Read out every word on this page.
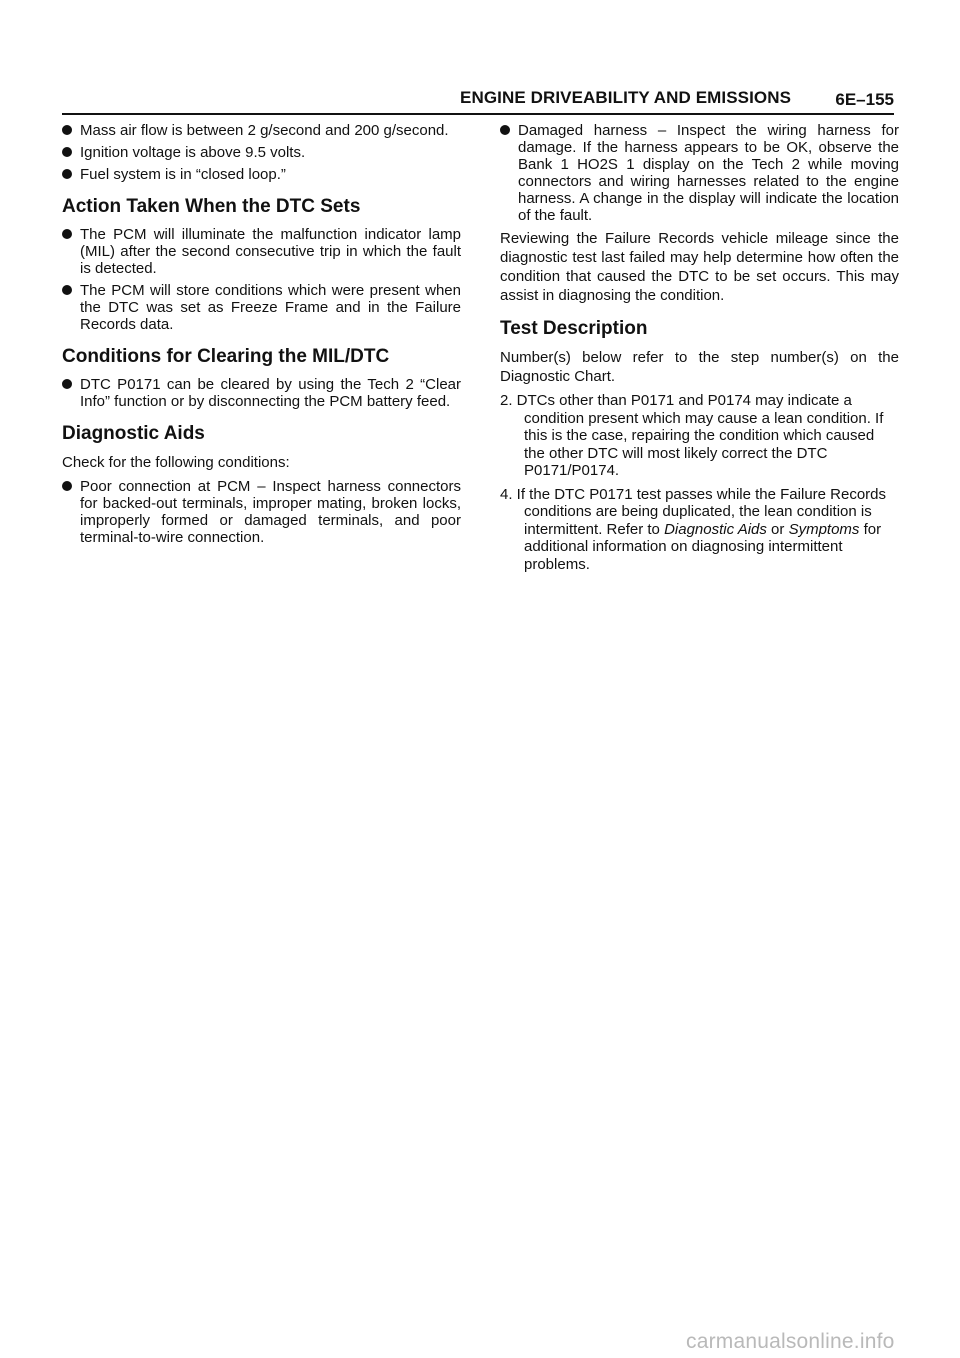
ENGINE DRIVEABILITY AND EMISSIONS	6E–155
Mass air flow is between 2 g/second and 200 g/second.
Ignition voltage is above 9.5 volts.
Fuel system is in “closed loop.”
Action Taken When the DTC Sets
The PCM will illuminate the malfunction indicator lamp (MIL) after the second consecutive trip in which the fault is detected.
The PCM will store conditions which were present when the DTC was set as Freeze Frame and in the Failure Records data.
Conditions for Clearing the MIL/DTC
DTC P0171 can be cleared by using the Tech 2 “Clear Info” function or by disconnecting the PCM battery feed.
Diagnostic Aids
Check for the following conditions:
Poor connection at PCM – Inspect harness connectors for backed-out terminals, improper mating, broken locks, improperly formed or damaged terminals, and poor terminal-to-wire connection.
Damaged harness – Inspect the wiring harness for damage. If the harness appears to be OK, observe the Bank 1 HO2S 1 display on the Tech 2 while moving connectors and wiring harnesses related to the engine harness. A change in the display will indicate the location of the fault.
Reviewing the Failure Records vehicle mileage since the diagnostic test last failed may help determine how often the condition that caused the DTC to be set occurs. This may assist in diagnosing the condition.
Test Description
Number(s) below refer to the step number(s) on the Diagnostic Chart.
2. DTCs other than P0171 and P0174 may indicate a condition present which may cause a lean condition. If this is the case, repairing the condition which caused the other DTC will most likely correct the DTC P0171/P0174.
4. If the DTC P0171 test passes while the Failure Records conditions are being duplicated, the lean condition is intermittent. Refer to Diagnostic Aids or Symptoms for additional information on diagnosing intermittent problems.
carmanualsonline.info
